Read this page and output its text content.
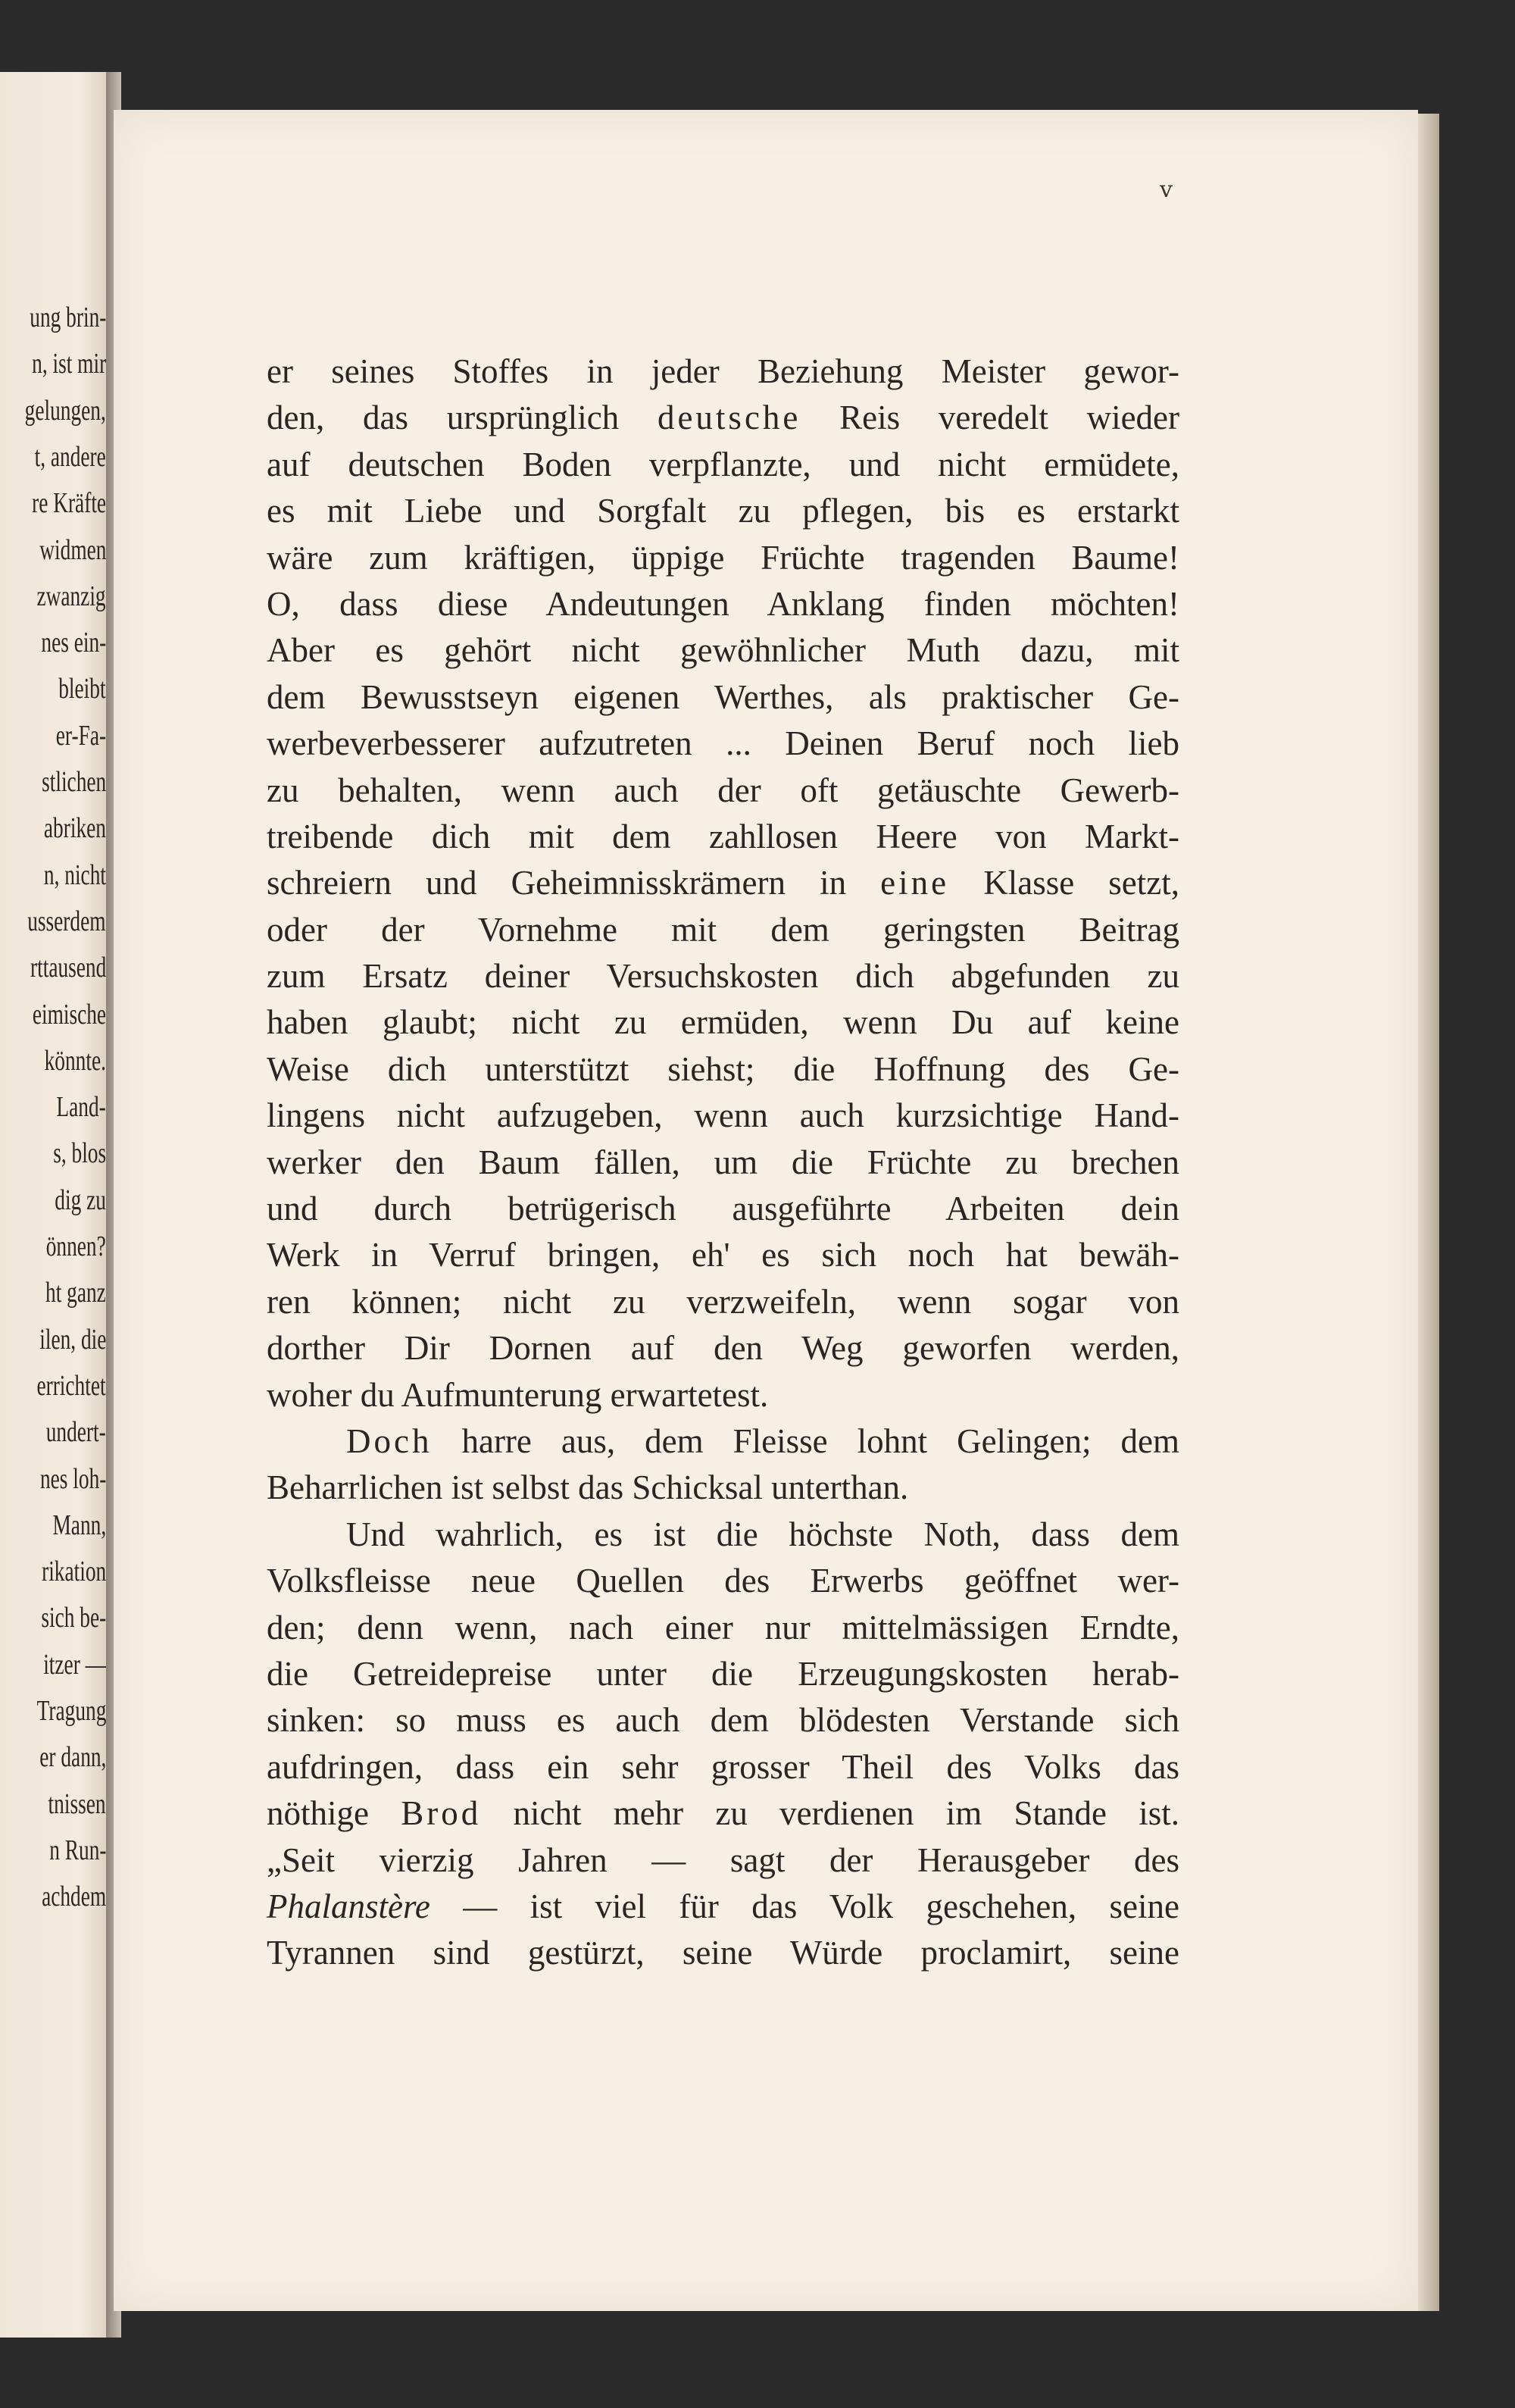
ung brin-
n, ist mir
gelungen,
t, andere
re Kräfte
widmen
zwanzig
nes ein-
bleibt
er-Fa-
stlichen
abriken
n, nicht
usserdem
rttausend
eimische
könnte.
Land-
s, blos
dig zu
önnen?
ht ganz
ilen, die
errichtet
undert-
nes loh-
Mann,
rikation
sich be-
itzer —
Tragung
er dann,
tnissen
n Run-
achdem
v
er seines Stoffes in jeder Beziehung Meister gewor-
den, das ursprünglich deutsche Reis veredelt wieder
auf deutschen Boden verpflanzte, und nicht ermüdete,
es mit Liebe und Sorgfalt zu pflegen, bis es erstarkt
wäre zum kräftigen, üppige Früchte tragenden Baume!
O, dass diese Andeutungen Anklang finden möchten!
Aber es gehört nicht gewöhnlicher Muth dazu, mit
dem Bewusstseyn eigenen Werthes, als praktischer Ge-
werbeverbesserer aufzutreten ... Deinen Beruf noch lieb
zu behalten, wenn auch der oft getäuschte Gewerb-
treibende dich mit dem zahllosen Heere von Markt-
schreiern und Geheimnisskrämern in eine Klasse setzt,
oder der Vornehme mit dem geringsten Beitrag
zum Ersatz deiner Versuchskosten dich abgefunden zu
haben glaubt; nicht zu ermüden, wenn Du auf keine
Weise dich unterstützt siehst; die Hoffnung des Ge-
lingens nicht aufzugeben, wenn auch kurzsichtige Hand-
werker den Baum fällen, um die Früchte zu brechen
und durch betrügerisch ausgeführte Arbeiten dein
Werk in Verruf bringen, eh' es sich noch hat bewäh-
ren können; nicht zu verzweifeln, wenn sogar von
dorther Dir Dornen auf den Weg geworfen werden,
woher du Aufmunterung erwartetest.
Doch harre aus, dem Fleisse lohnt Gelingen; dem
Beharrlichen ist selbst das Schicksal unterthan.
Und wahrlich, es ist die höchste Noth, dass dem
Volksfleisse neue Quellen des Erwerbs geöffnet wer-
den; denn wenn, nach einer nur mittelmässigen Erndte,
die Getreidepreise unter die Erzeugungskosten herab-
sinken: so muss es auch dem blödesten Verstande sich
aufdringen, dass ein sehr grosser Theil des Volks das
nöthige Brod nicht mehr zu verdienen im Stande ist.
„Seit vierzig Jahren — sagt der Herausgeber des
Phalanstère — ist viel für das Volk geschehen, seine
Tyrannen sind gestürzt, seine Würde proclamirt, seine
